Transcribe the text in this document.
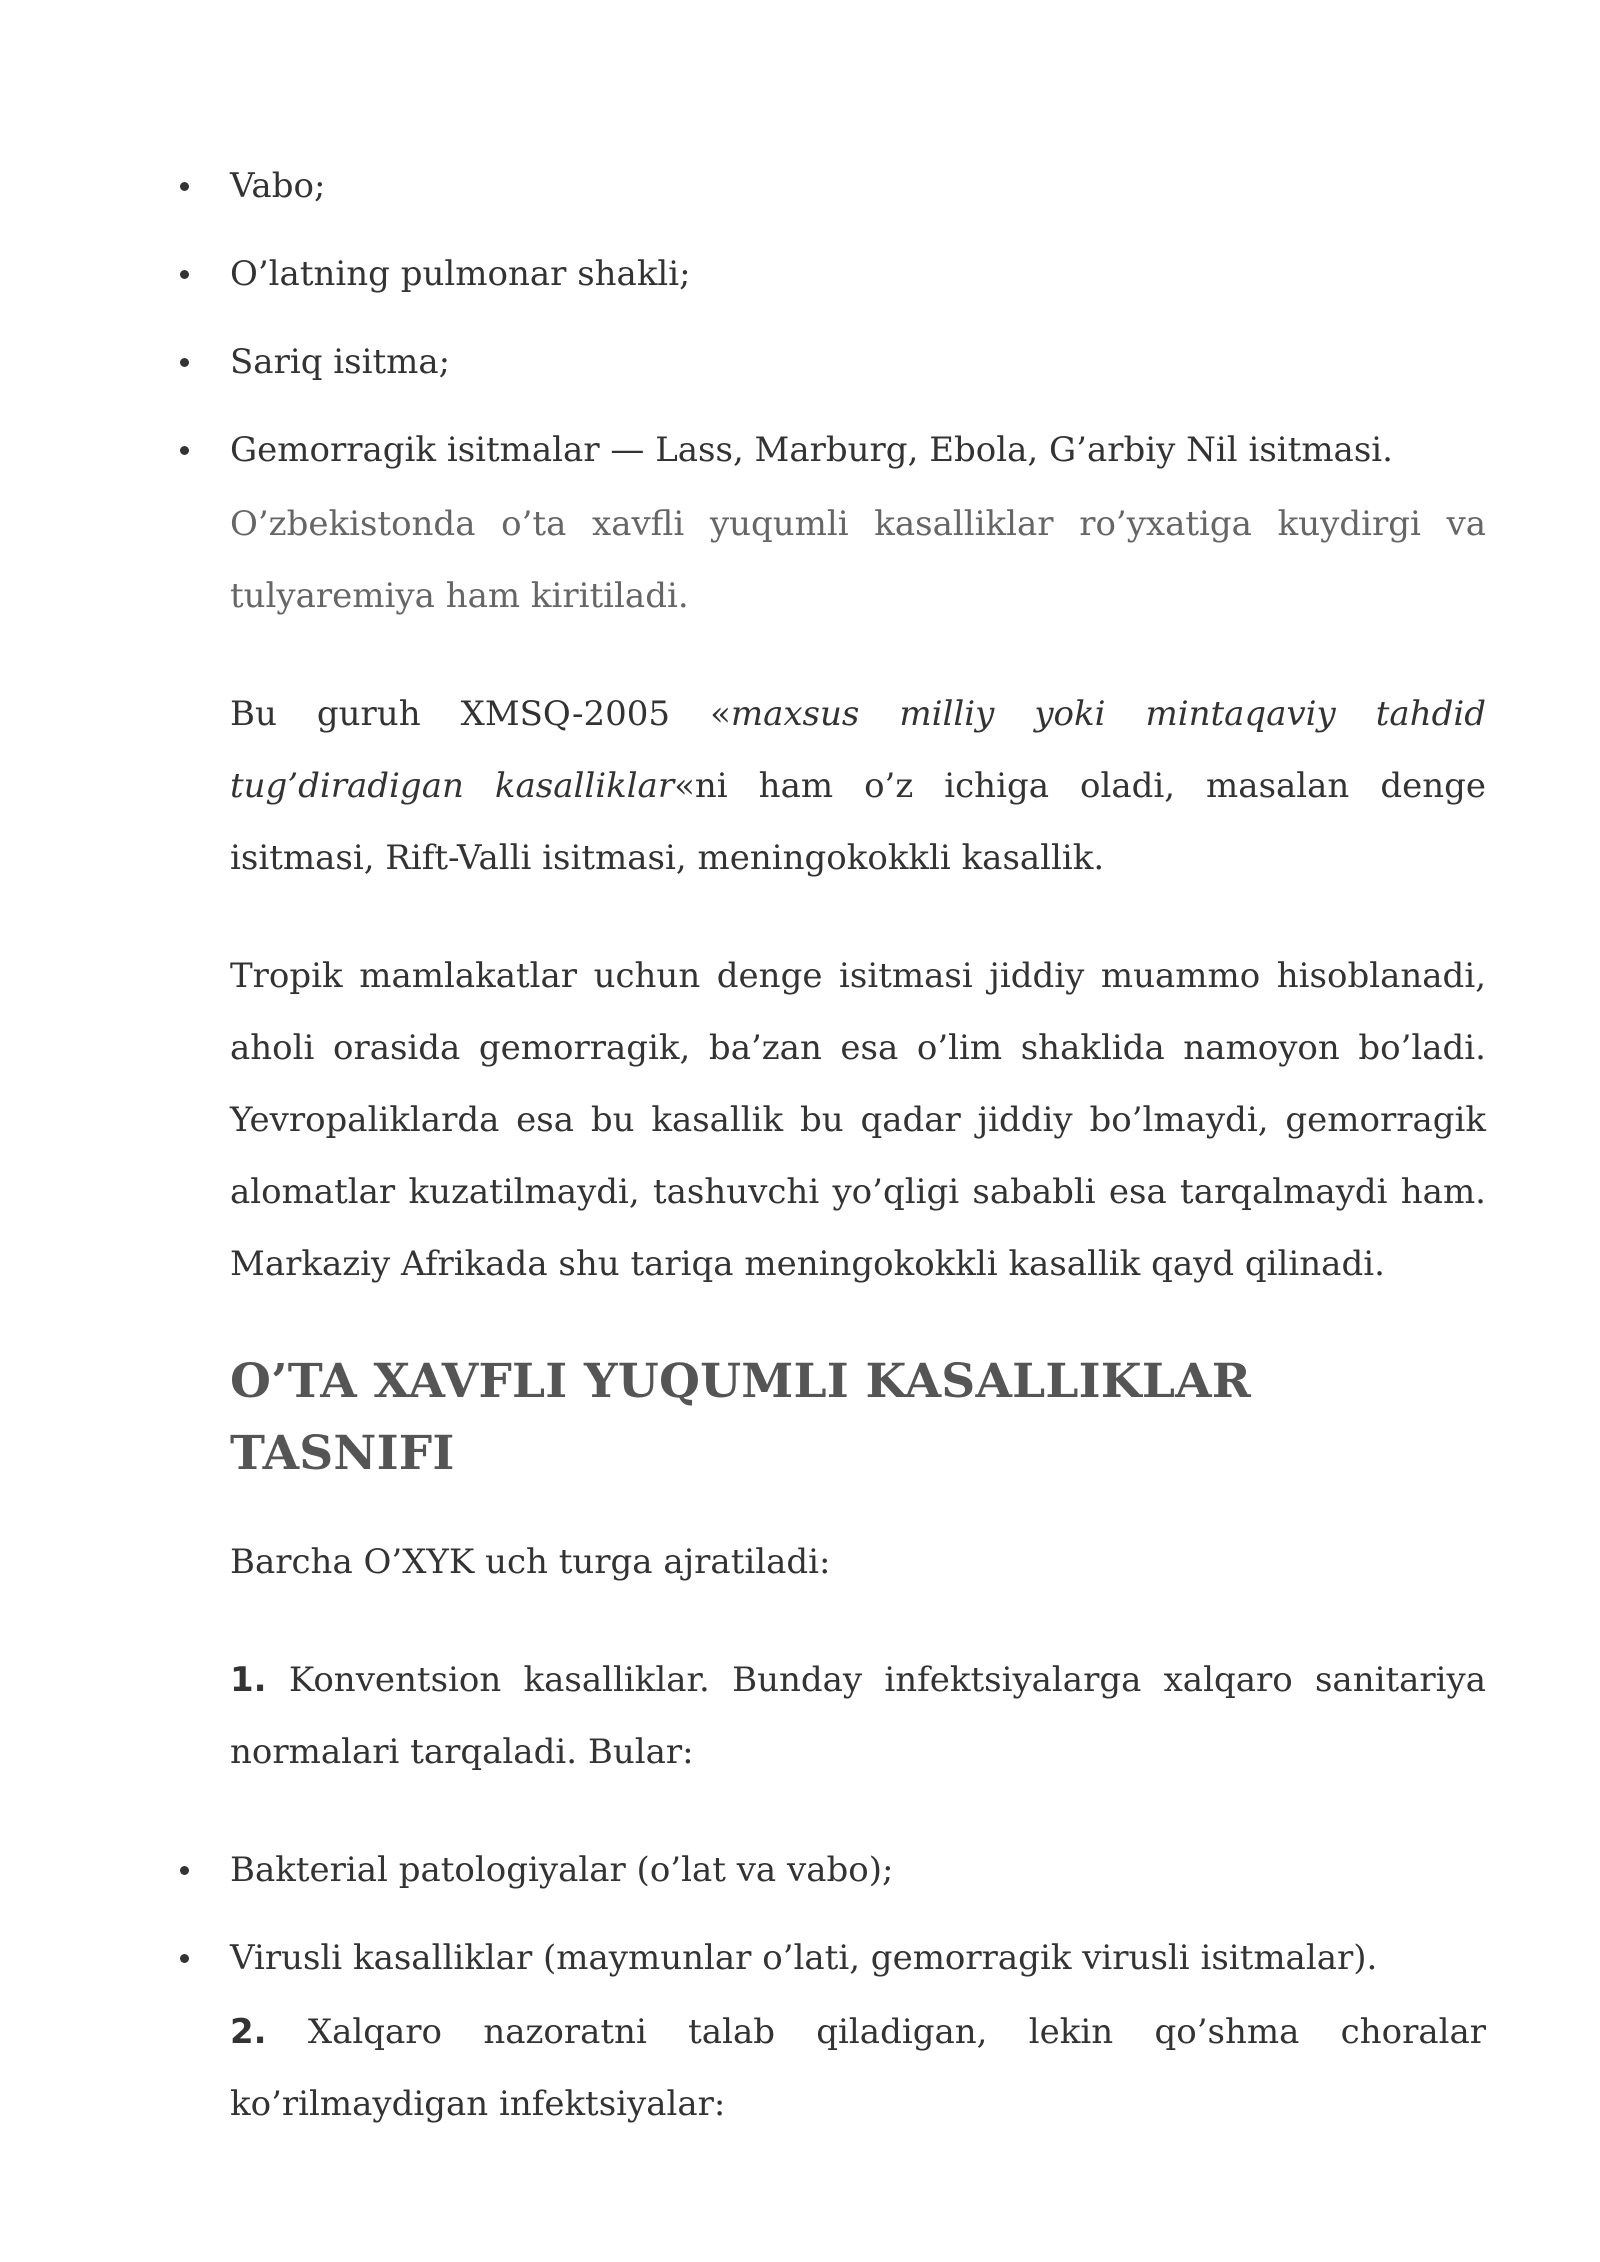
Vabo;
O’latning pulmonar shakli;
Sariq isitma;
Gemorragik isitmalar — Lass, Marburg, Ebola, G’arbiy Nil isitmasi.

O’zbekistonda o’ta xavfli yuqumli kasalliklar ro’yxatiga kuydirgi va tulyaremiya ham kiritiladi.

Bu guruh XMSQ-2005 «maxsus milliy yoki mintaqaviy tahdid tug’diradigan kasalliklar«ni ham o’z ichiga oladi, masalan denge isitmasi, Rift-Valli isitmasi, meningokokkli kasallik.

Tropik mamlakatlar uchun denge isitmasi jiddiy muammo hisoblanadi, aholi orasida gemorragik, ba’zan esa o’lim shaklida namoyon bo’ladi. Yevropaliklarda esa bu kasallik bu qadar jiddiy bo’lmaydi, gemorragik alomatlar kuzatilmaydi, tashuvchi yo’qligi sababli esa tarqalmaydi ham. Markaziy Afrikada shu tariqa meningokokkli kasallik qayd qilinadi.

O’TA XAVFLI YUQUMLI KASALLIKLAR TASNIFI

Barcha O’XYK uch turga ajratiladi:

1. Konventsion kasalliklar. Bunday infektsiyalarga xalqaro sanitariya normalari tarqaladi. Bular:

Bakterial patologiyalar (o’lat va vabo);
Virusli kasalliklar (maymunlar o’lati, gemorragik virusli isitmalar).

2. Xalqaro nazoratni talab qiladigan, lekin qo’shma choralar ko’rilmaydigan infektsiyalar:
